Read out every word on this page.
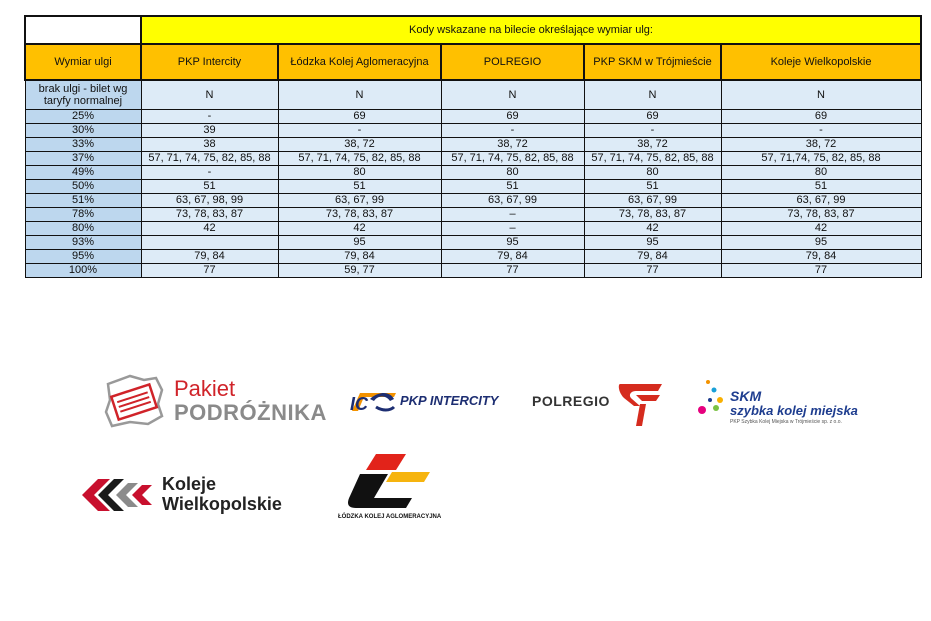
	Kody wskazane na bilecie określające wymiar ulg:				
Wymiar ulgi	PKP Intercity	Łódzka Kolej Aglomeracyjna	POLREGIO	PKP SKM w Trójmieście	Koleje Wielkopolskie
brak ulgi - bilet wg taryfy normalnej	N	N	N	N	N
25%	-	69	69	69	69
30%	39	-	-	-	-
33%	38	38, 72	38, 72	38, 72	38, 72
37%	57, 71, 74, 75, 82, 85, 88	57, 71, 74, 75, 82, 85, 88	57, 71, 74, 75, 82, 85, 88	57, 71, 74, 75, 82, 85, 88	57, 71,74, 75, 82, 85, 88
49%	-	80	80	80	80
50%	51	51	51	51	51
51%	63, 67, 98, 99	63, 67, 99	63, 67, 99	63, 67, 99	63, 67, 99
78%	73, 78, 83, 87	73, 78, 83, 87	–	73, 78, 83, 87	73, 78, 83, 87
80%	42	42	–	42	42
93%		95	95	95	95
95%	79, 84	79, 84	79, 84	79, 84	79, 84
100%	77	59, 77	77	77	77
Pakiet
PODRÓŻNIKA IC PKP INTERCITY POLREGIO	SKM
szybka kolej miejska
PKP Szybka Kolej Miejska w Trójmieście sp. z o.o.
Koleje
Wielkopolskie
ŁÓDZKA KOLEJ AGLOMERACYJNA
